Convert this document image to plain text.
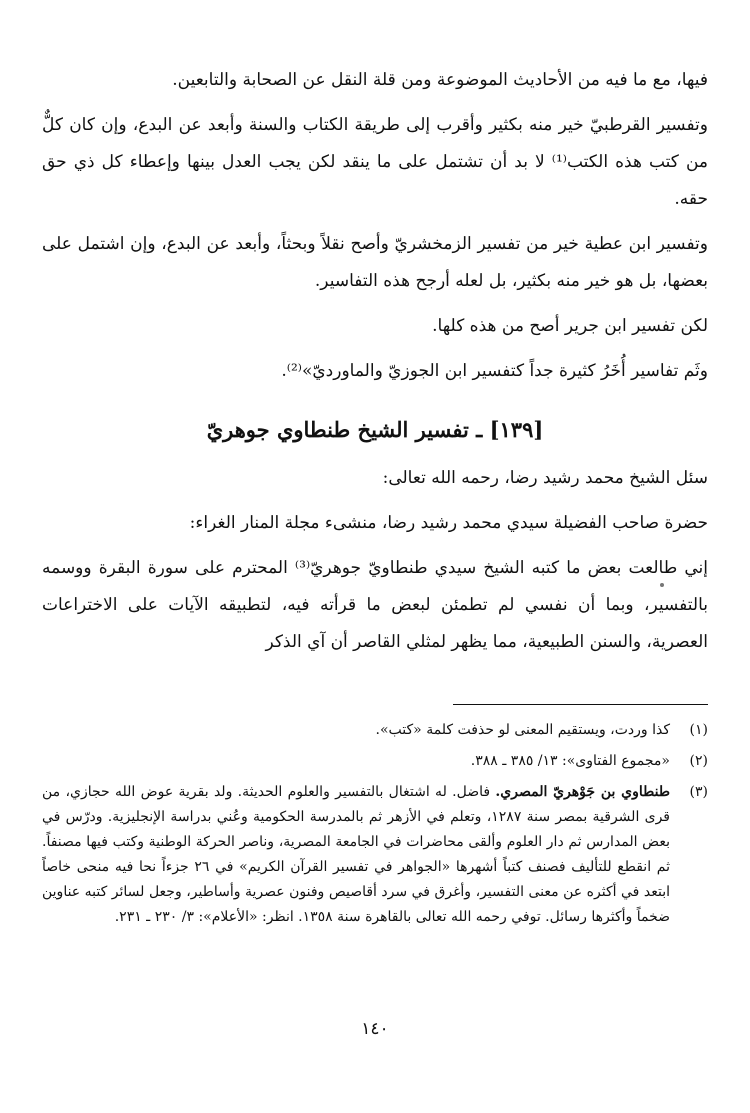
فيها، مع ما فيه من الأحاديث الموضوعة ومن قلة النقل عن الصحابة والتابعين.

وتفسير القرطبيّ خير منه بكثير وأقرب إلى طريقة الكتاب والسنة وأبعد عن البدع، وإن كان كلٌّ من كتب هذه الكتب⁽¹⁾ لا بد أن تشتمل على ما ينقد لكن يجب العدل بينها وإعطاء كل ذي حق حقه.

وتفسير ابن عطية خير من تفسير الزمخشريّ وأصح نقلاً وبحثاً، وأبعد عن البدع، وإن اشتمل على بعضها، بل هو خير منه بكثير، بل لعله أرجح هذه التفاسير.

لكن تفسير ابن جرير أصح من هذه كلها.

وثَم تفاسير أُخَرُ كثيرة جداً كتفسير ابن الجوزيّ والماورديّ»⁽²⁾.

[١٣٩] ـ تفسير الشيخ طنطاوي جوهريّ

سئل الشيخ محمد رشيد رضا، رحمه الله تعالى:

حضرة صاحب الفضيلة سيدي محمد رشيد رضا، منشىء مجلة المنار الغراء:

إني طالعت بعض ما كتبه الشيخ سيدي طنطاويّ جوهريّ⁽³⁾ المحترم على سورة البقرة ووسمه بالتفسير، وبما أن نفسي لم تطمئن لبعض ما قرأته فيه، لتطبيقه الآيات على الاختراعات العصرية، والسنن الطبيعية، مما يظهر لمثلي القاصر أن آي الذكر

(١)
كذا وردت، ويستقيم المعنى لو حذفت كلمة «كتب».
(٢)
«مجموع الفتاوى»: ١٣/ ٣٨٥ ـ ٣٨٨.
(٣)
طنطاوي بن جَوْهريّ المصري. فاضل. له اشتغال بالتفسير والعلوم الحديثة. ولد بقرية عوض الله حجازي، من قرى الشرقية بمصر سنة ١٢٨٧، وتعلم في الأزهر ثم بالمدرسة الحكومية وعُني بدراسة الإنجليزية. ودرّس في بعض المدارس ثم دار العلوم وألقى محاضرات في الجامعة المصرية، وناصر الحركة الوطنية وكتب فيها مصنفاً. ثم انقطع للتأليف فصنف كتباً أشهرها «الجواهر في تفسير القرآن الكريم» في ٢٦ جزءاً نحا فيه منحى خاصاً ابتعد في أكثره عن معنى التفسير، وأغرق في سرد أقاصيص وفنون عصرية وأساطير، وجعل لسائر كتبه عناوين ضخماً وأكثرها رسائل. توفي رحمه الله تعالى بالقاهرة سنة ١٣٥٨. انظر: «الأعلام»: ٣/ ٢٣٠ ـ ٢٣١.
١٤٠
